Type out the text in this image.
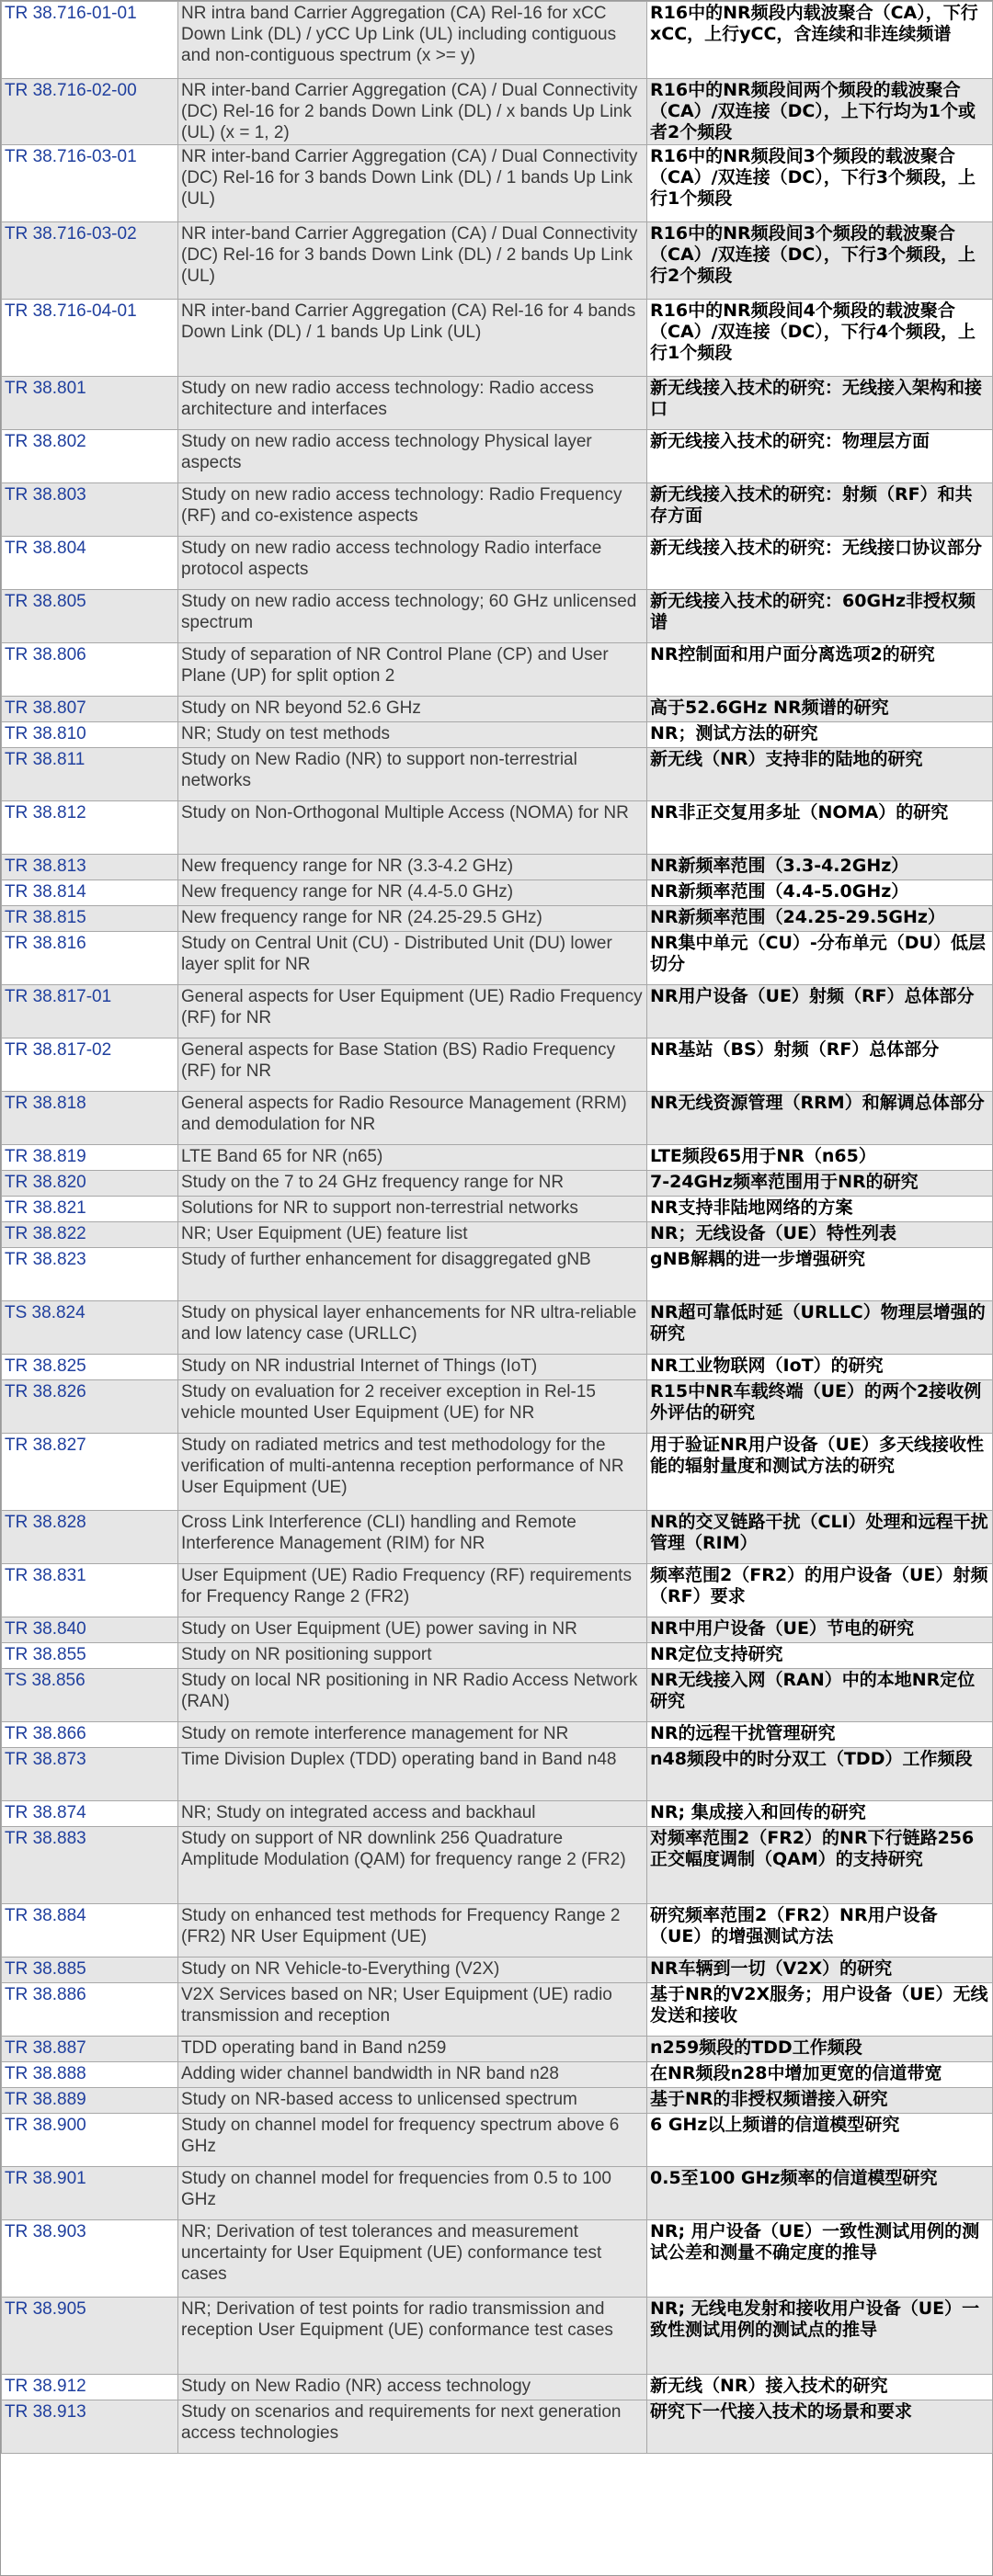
TR 38.716-01-01	NR intra band Carrier Aggregation (CA) Rel-16 for xCC Down Link (DL) / yCC Up Link (UL) including contiguous and non-contiguous spectrum (x >= y)	R16中的NR频段内载波聚合（CA），下行xCC，上行yCC，含连续和非连续频谱
TR 38.716-02-00	NR inter-band Carrier Aggregation (CA) / Dual Connectivity (DC) Rel-16 for 2 bands Down Link (DL) / x bands Up Link (UL) (x = 1, 2)	R16中的NR频段间两个频段的载波聚合（CA）/双连接（DC），上下行均为1个或者2个频段
TR 38.716-03-01	NR inter-band Carrier Aggregation (CA) / Dual Connectivity (DC) Rel-16 for 3 bands Down Link (DL) / 1 bands Up Link (UL)	R16中的NR频段间3个频段的载波聚合（CA）/双连接（DC），下行3个频段，上行1个频段
TR 38.716-03-02	NR inter-band Carrier Aggregation (CA) / Dual Connectivity (DC) Rel-16 for 3 bands Down Link (DL) / 2 bands Up Link (UL)	R16中的NR频段间3个频段的载波聚合（CA）/双连接（DC），下行3个频段，上行2个频段
TR 38.716-04-01	NR inter-band Carrier Aggregation (CA) Rel-16 for 4 bands Down Link (DL) / 1 bands Up Link (UL)	R16中的NR频段间4个频段的载波聚合（CA）/双连接（DC），下行4个频段，上行1个频段
TR 38.801	Study on new radio access technology: Radio access architecture and interfaces	新无线接入技术的研究：无线接入架构和接口
TR 38.802	Study on new radio access technology Physical layer aspects	新无线接入技术的研究：物理层方面
TR 38.803	Study on new radio access technology: Radio Frequency (RF) and co-existence aspects	新无线接入技术的研究：射频（RF）和共存方面
TR 38.804	Study on new radio access technology Radio interface protocol aspects	新无线接入技术的研究：无线接口协议部分
TR 38.805	Study on new radio access technology; 60 GHz unlicensed spectrum	新无线接入技术的研究：60GHz非授权频谱
TR 38.806	Study of separation of NR Control Plane (CP) and User Plane (UP) for split option 2	NR控制面和用户面分离选项2的研究
TR 38.807	Study on NR beyond 52.6 GHz	高于52.6GHz NR频谱的研究
TR 38.810	NR; Study on test methods	NR；测试方法的研究
TR 38.811	Study on New Radio (NR) to support non-terrestrial networks	新无线（NR）支持非的陆地的研究
TR 38.812	Study on Non-Orthogonal Multiple Access (NOMA) for NR	NR非正交复用多址（NOMA）的研究
TR 38.813	New frequency range for NR (3.3-4.2 GHz)	NR新频率范围（3.3-4.2GHz）
TR 38.814	New frequency range for NR (4.4-5.0 GHz)	NR新频率范围（4.4-5.0GHz）
TR 38.815	New frequency range for NR (24.25-29.5 GHz)	NR新频率范围（24.25-29.5GHz）
TR 38.816	Study on Central Unit (CU) - Distributed Unit (DU) lower layer split for NR	NR集中单元（CU）-分布单元（DU）低层切分
TR 38.817-01	General aspects for User Equipment (UE) Radio Frequency (RF) for NR	NR用户设备（UE）射频（RF）总体部分
TR 38.817-02	General aspects for Base Station (BS) Radio Frequency (RF) for NR	NR基站（BS）射频（RF）总体部分
TR 38.818	General aspects for Radio Resource Management (RRM) and demodulation for NR	NR无线资源管理（RRM）和解调总体部分
TR 38.819	LTE Band 65 for NR (n65)	LTE频段65用于NR（n65）
TR 38.820	Study on the 7 to 24 GHz frequency range for NR	7-24GHz频率范围用于NR的研究
TR 38.821	Solutions for NR to support non-terrestrial networks	NR支持非陆地网络的方案
TR 38.822	NR; User Equipment (UE) feature list	NR；无线设备（UE）特性列表
TR 38.823	Study of further enhancement for disaggregated gNB	gNB解耦的进一步增强研究
TS 38.824	Study on physical layer enhancements for NR ultra-reliable and low latency case (URLLC)	NR超可靠低时延（URLLC）物理层增强的研究
TR 38.825	Study on NR industrial Internet of Things (IoT)	NR工业物联网（IoT）的研究
TR 38.826	Study on evaluation for 2 receiver exception in Rel-15 vehicle mounted User Equipment (UE) for NR	R15中NR车载终端（UE）的两个2接收例外评估的研究
TR 38.827	Study on radiated metrics and test methodology for the verification of multi-antenna reception performance of NR User Equipment (UE)	用于验证NR用户设备（UE）多天线接收性能的辐射量度和测试方法的研究
TR 38.828	Cross Link Interference (CLI) handling and Remote Interference Management (RIM) for NR	NR的交叉链路干扰（CLI）处理和远程干扰管理（RIM）
TR 38.831	User Equipment (UE) Radio Frequency (RF) requirements for Frequency Range 2 (FR2)	频率范围2（FR2）的用户设备（UE）射频（RF）要求
TR 38.840	Study on User Equipment (UE) power saving in NR	NR中用户设备（UE）节电的研究
TR 38.855	Study on NR positioning support	NR定位支持研究
TS 38.856	Study on local NR positioning in NR Radio Access Network (RAN)	NR无线接入网（RAN）中的本地NR定位研究
TR 38.866	Study on remote interference management for NR	NR的远程干扰管理研究
TR 38.873	Time Division Duplex (TDD) operating band in Band n48	n48频段中的时分双工（TDD）工作频段
TR 38.874	NR; Study on integrated access and backhaul	NR; 集成接入和回传的研究
TR 38.883	Study on support of NR downlink 256 Quadrature Amplitude Modulation (QAM) for frequency range 2 (FR2)	对频率范围2（FR2）的NR下行链路256正交幅度调制（QAM）的支持研究
TR 38.884	Study on enhanced test methods for Frequency Range 2 (FR2) NR User Equipment (UE)	研究频率范围2（FR2）NR用户设备（UE）的增强测试方法
TR 38.885	Study on NR Vehicle-to-Everything (V2X)	NR车辆到一切（V2X）的研究
TR 38.886	V2X Services based on NR; User Equipment (UE) radio transmission and reception	基于NR的V2X服务；用户设备（UE）无线发送和接收
TR 38.887	TDD operating band in Band n259	n259频段的TDD工作频段
TR 38.888	Adding wider channel bandwidth in NR band n28	在NR频段n28中增加更宽的信道带宽
TR 38.889	Study on NR-based access to unlicensed spectrum	基于NR的非授权频谱接入研究
TR 38.900	Study on channel model for frequency spectrum above 6 GHz	6 GHz以上频谱的信道模型研究
TR 38.901	Study on channel model for frequencies from 0.5 to 100 GHz	0.5至100 GHz频率的信道模型研究
TR 38.903	NR; Derivation of test tolerances and measurement uncertainty for User Equipment (UE) conformance test cases	NR; 用户设备（UE）一致性测试用例的测试公差和测量不确定度的推导
TR 38.905	NR; Derivation of test points for radio transmission and reception User Equipment (UE) conformance test cases	NR; 无线电发射和接收用户设备（UE）一致性测试用例的测试点的推导
TR 38.912	Study on New Radio (NR) access technology	新无线（NR）接入技术的研究
TR 38.913	Study on scenarios and requirements for next generation access technologies	研究下一代接入技术的场景和要求
